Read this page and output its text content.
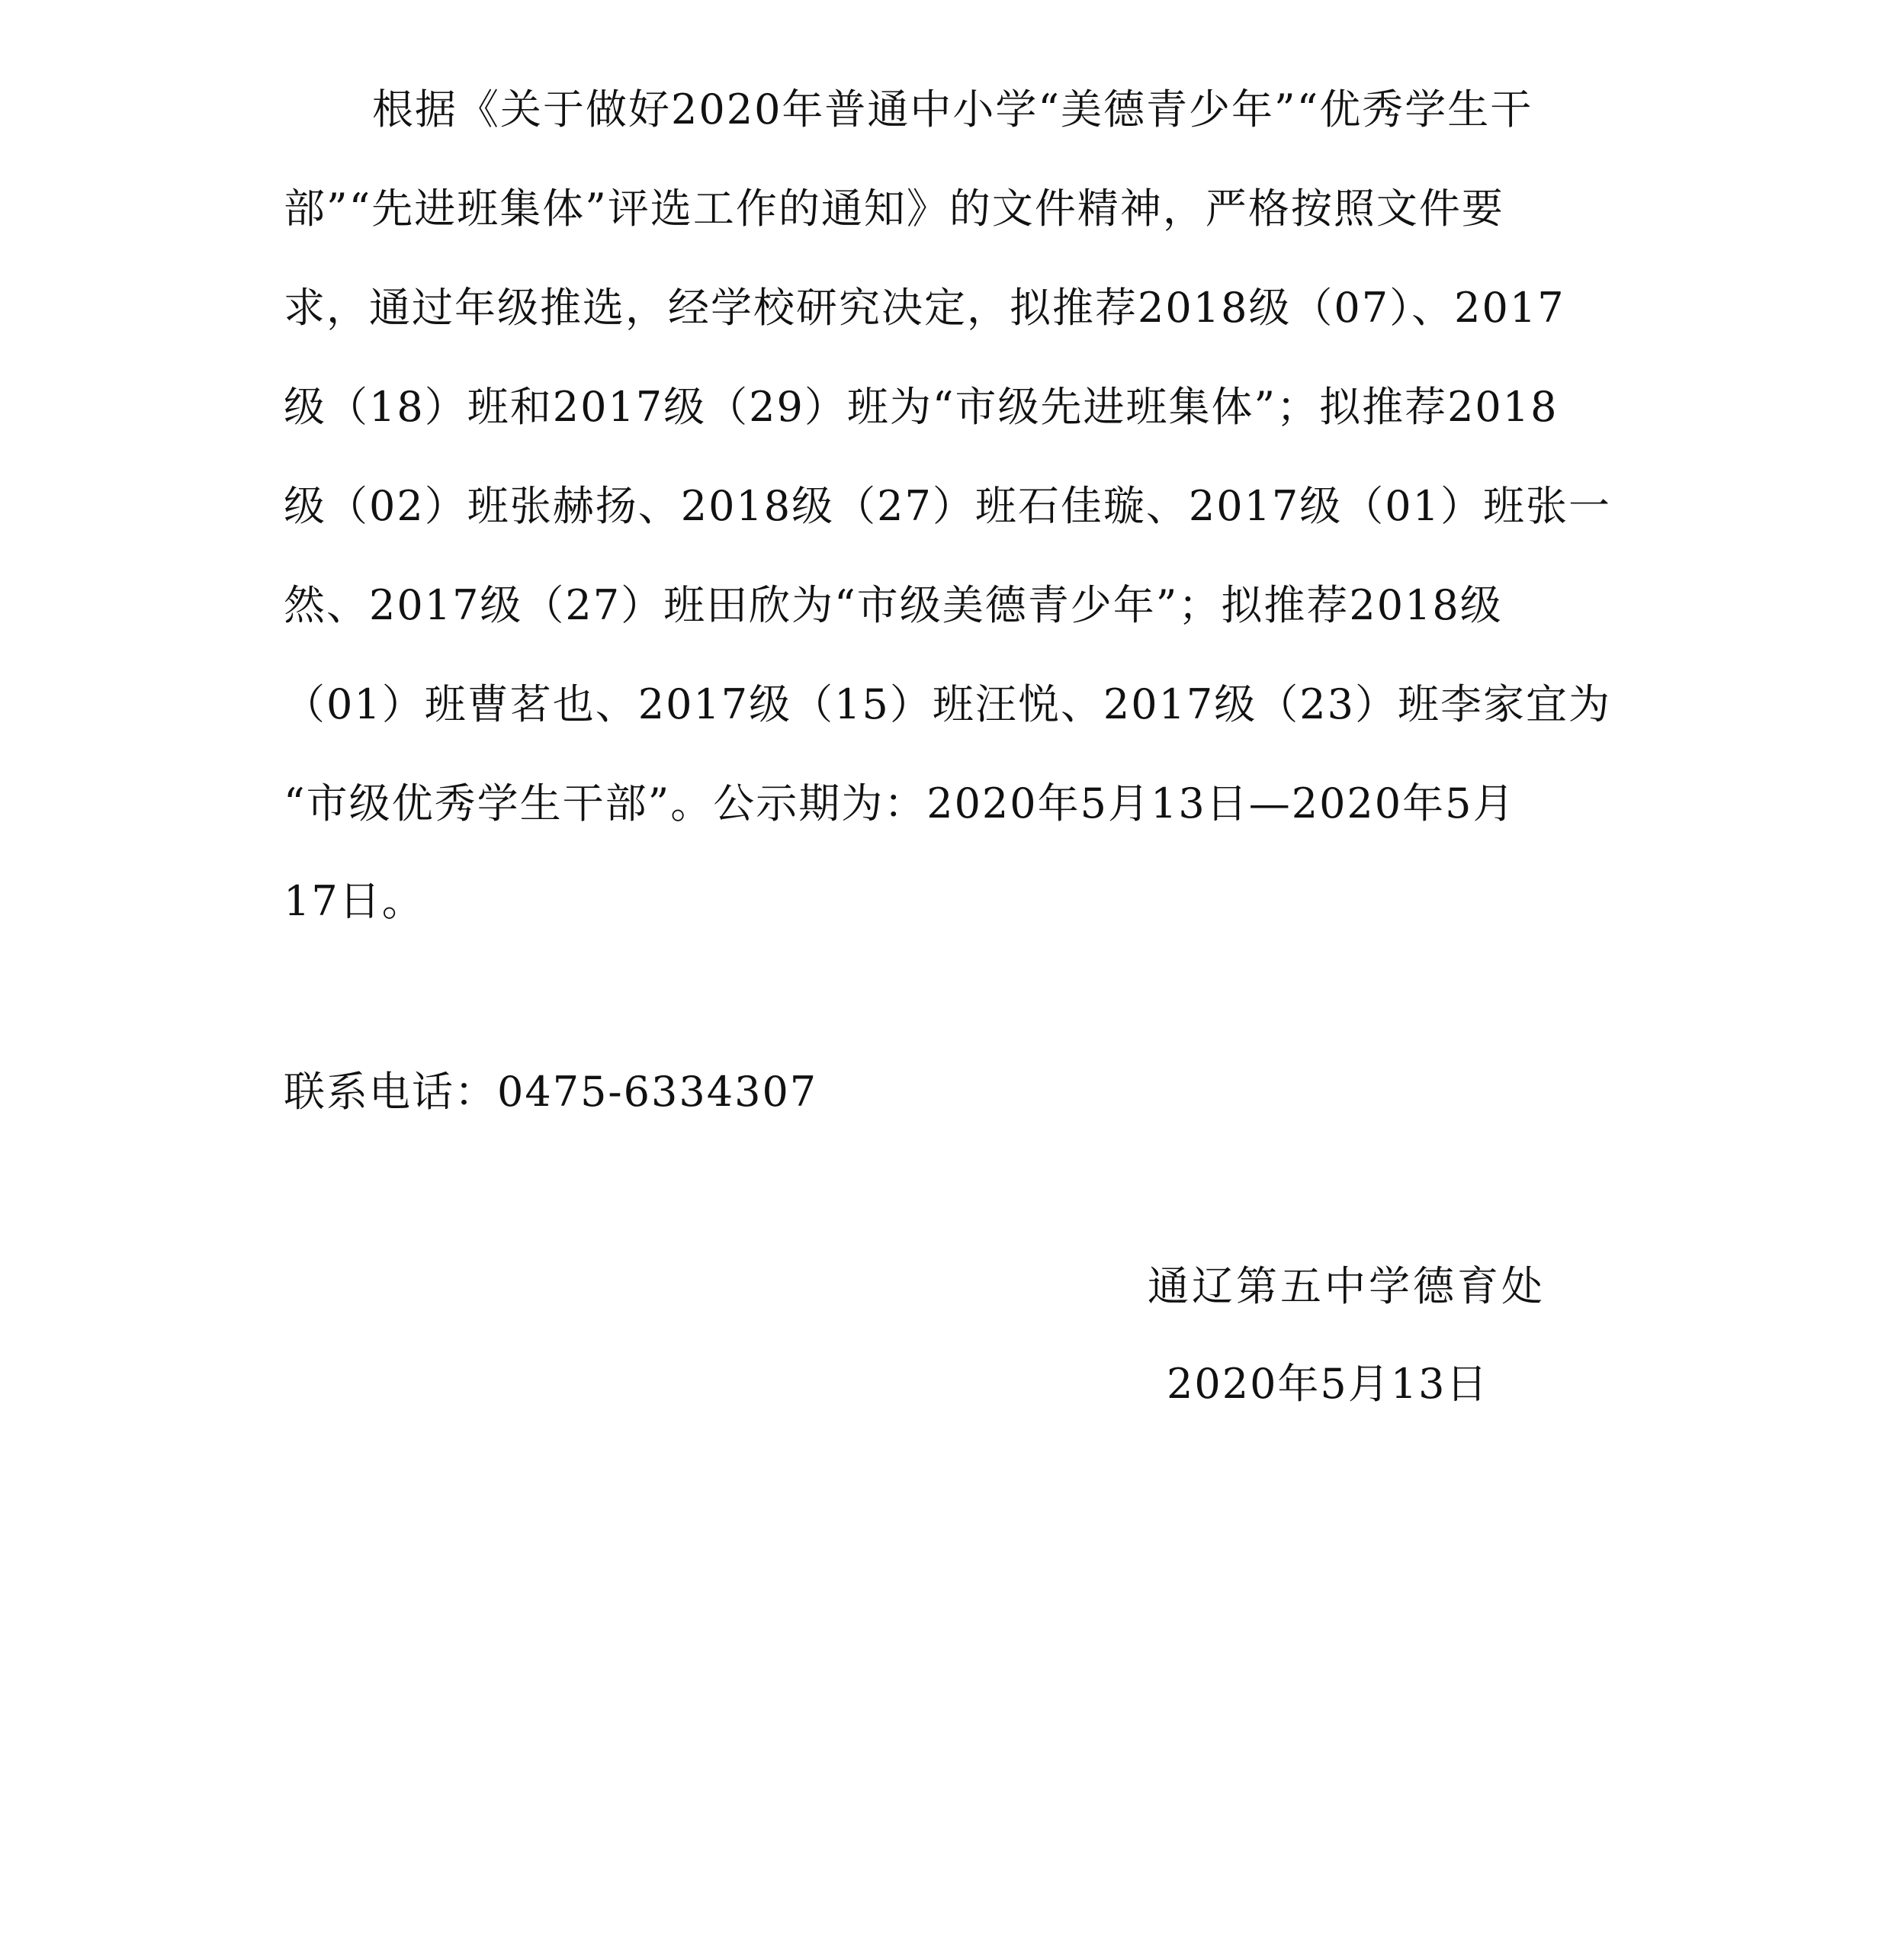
根据《关于做好2020年普通中小学“美德青少年”“优秀学生干
部”“先进班集体”评选工作的通知》的文件精神，严格按照文件要
求，通过年级推选，经学校研究决定，拟推荐2018级（07）、2017
级（18）班和2017级（29）班为“市级先进班集体”；拟推荐2018
级（02）班张赫扬、2018级（27）班石佳璇、2017级（01）班张一
然、2017级（27）班田欣为“市级美德青少年”；拟推荐2018级
（01）班曹茗也、2017级（15）班汪悦、2017级（23）班李家宜为
“市级优秀学生干部”。公示期为：2020年5月13日—2020年5月
17日。
联系电话：0475-6334307
通辽第五中学德育处
2020年5月13日
